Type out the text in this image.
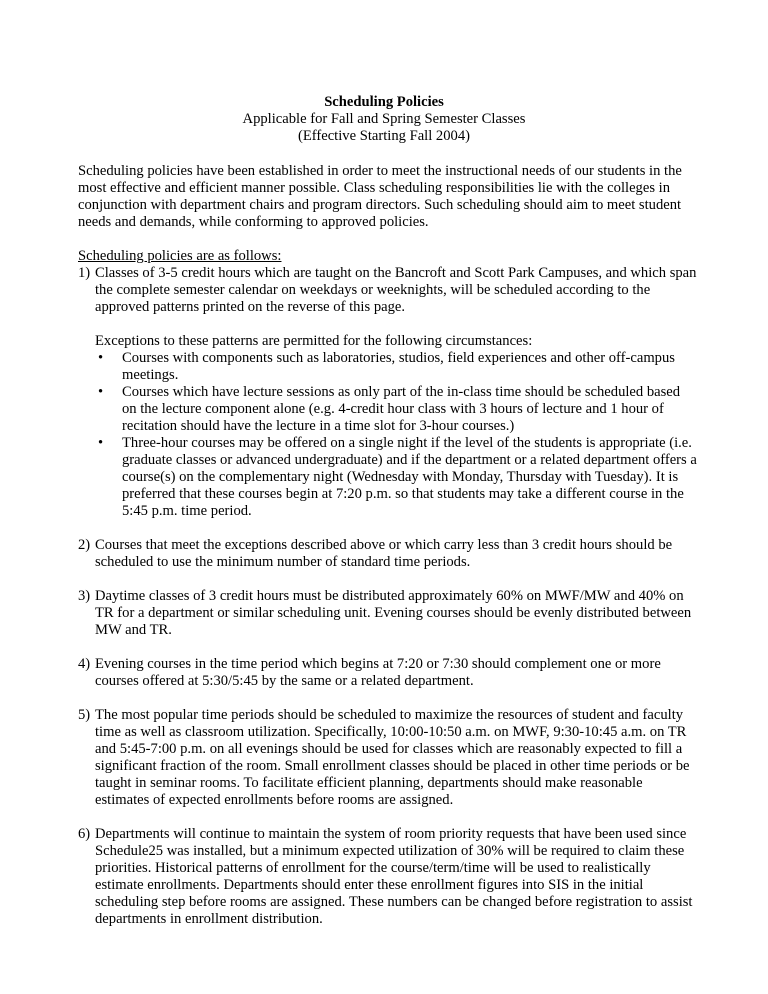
Scheduling Policies
Applicable for Fall and Spring Semester Classes
(Effective Starting Fall 2004)

Scheduling policies have been established in order to meet the instructional needs of our students in the most effective and efficient manner possible. Class scheduling responsibilities lie with the colleges in conjunction with department chairs and program directors. Such scheduling should aim to meet student needs and demands, while conforming to approved policies.

Scheduling policies are as follows:

1) Classes of 3-5 credit hours which are taught on the Bancroft and Scott Park Campuses, and which span the complete semester calendar on weekdays or weeknights, will be scheduled according to the approved patterns printed on the reverse of this page.

Exceptions to these patterns are permitted for the following circumstances:

• Courses with components such as laboratories, studios, field experiences and other off-campus meetings.
• Courses which have lecture sessions as only part of the in-class time should be scheduled based on the lecture component alone (e.g. 4-credit hour class with 3 hours of lecture and 1 hour of recitation should have the lecture in a time slot for 3-hour courses.)
• Three-hour courses may be offered on a single night if the level of the students is appropriate (i.e. graduate classes or advanced undergraduate) and if the department or a related department offers a course(s) on the complementary night (Wednesday with Monday, Thursday with Tuesday). It is preferred that these courses begin at 7:20 p.m. so that students may take a different course in the 5:45 p.m. time period.
2) Courses that meet the exceptions described above or which carry less than 3 credit hours should be scheduled to use the minimum number of standard time periods.

3) Daytime classes of 3 credit hours must be distributed approximately 60% on MWF/MW and 40% on TR for a department or similar scheduling unit. Evening courses should be evenly distributed between MW and TR.

4) Evening courses in the time period which begins at 7:20 or 7:30 should complement one or more courses offered at 5:30/5:45 by the same or a related department.

5) The most popular time periods should be scheduled to maximize the resources of student and faculty time as well as classroom utilization. Specifically, 10:00-10:50 a.m. on MWF, 9:30-10:45 a.m. on TR and 5:45-7:00 p.m. on all evenings should be used for classes which are reasonably expected to fill a significant fraction of the room. Small enrollment classes should be placed in other time periods or be taught in seminar rooms. To facilitate efficient planning, departments should make reasonable estimates of expected enrollments before rooms are assigned.

6) Departments will continue to maintain the system of room priority requests that have been used since Schedule25 was installed, but a minimum expected utilization of 30% will be required to claim these priorities. Historical patterns of enrollment for the course/term/time will be used to realistically estimate enrollments. Departments should enter these enrollment figures into SIS in the initial scheduling step before rooms are assigned. These numbers can be changed before registration to assist departments in enrollment distribution.
